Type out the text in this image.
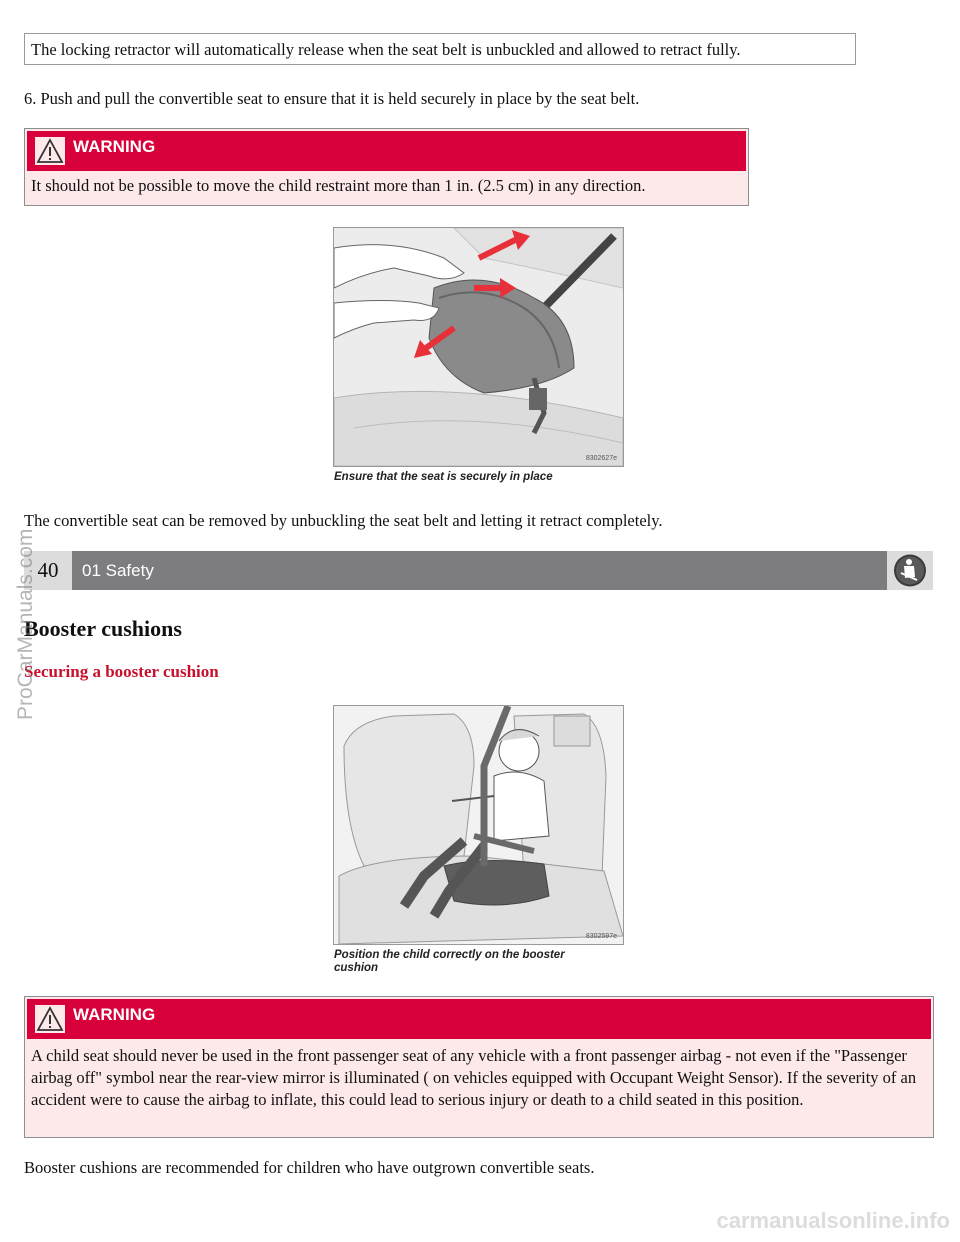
The locking retractor will automatically release when the seat belt is unbuckled and allowed to retract fully.
6. Push and pull the convertible seat to ensure that it is held securely in place by the seat belt.
WARNING
It should not be possible to move the child restraint more than 1 in. (2.5 cm) in any direction.
8302627e
Ensure that the seat is securely in place
The convertible seat can be removed by unbuckling the seat belt and letting it retract completely.
40	01 Safety
Booster cushions
Securing a booster cushion
8302597e
Position the child correctly on the booster cushion
WARNING
A child seat should never be used in the front passenger seat of any vehicle with a front passenger airbag - not even if the "Passenger airbag off" symbol near the rear-view mirror is illuminated ( on vehicles equipped with Occupant Weight Sensor). If the severity of an accident were to cause the airbag to inflate, this could lead to serious injury or death to a child seated in this position.
Booster cushions are recommended for children who have outgrown convertible seats.
ProCarManuals.com
carmanualsonline.info
